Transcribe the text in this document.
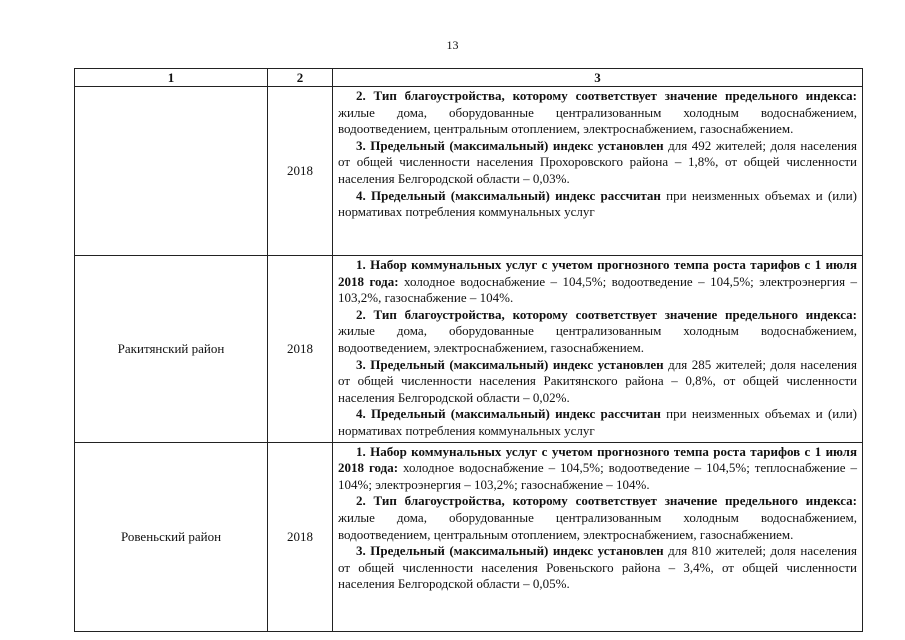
13
1	2	3
	2018	2. Тип благоустройства, которому соответствует значение предельного индекса: жилые дома, оборудованные централизованным холодным водоснабжением, водоотведением, центральным отоплением, электроснабжением, газоснабжением.

3. Предельный (максимальный) индекс установлен для 492 жителей; доля населения от общей численности населения Прохоровского района – 1,8%, от общей численности населения Белгородской области – 0,03%.

4. Предельный (максимальный) индекс рассчитан при неизменных объемах и (или) нормативах потребления коммунальных услуг

Ракитянский район	2018	1. Набор коммунальных услуг с учетом прогнозного темпа роста тарифов с 1 июля 2018 года: холодное водоснабжение – 104,5%; водоотведение – 104,5%; электроэнергия – 103,2%, газоснабжение – 104%.

2. Тип благоустройства, которому соответствует значение предельного индекса: жилые дома, оборудованные централизованным холодным водоснабжением, водоотведением, электроснабжением, газоснабжением.

3. Предельный (максимальный) индекс установлен для 285 жителей; доля населения от общей численности населения Ракитянского района – 0,8%, от общей численности населения Белгородской области – 0,02%.

4. Предельный (максимальный) индекс рассчитан при неизменных объемах и (или) нормативах потребления коммунальных услуг

Ровеньский район	2018	1. Набор коммунальных услуг с учетом прогнозного темпа роста тарифов с 1 июля 2018 года: холодное водоснабжение – 104,5%; водоотведение – 104,5%; теплоснабжение – 104%; электроэнергия – 103,2%; газоснабжение – 104%.

2. Тип благоустройства, которому соответствует значение предельного индекса: жилые дома, оборудованные централизованным холодным водоснабжением, водоотведением, центральным отоплением, электроснабжением, газоснабжением.

3. Предельный (максимальный) индекс установлен для 810 жителей; доля населения от общей численности населения Ровеньского района – 3,4%, от общей численности населения Белгородской области – 0,05%.
